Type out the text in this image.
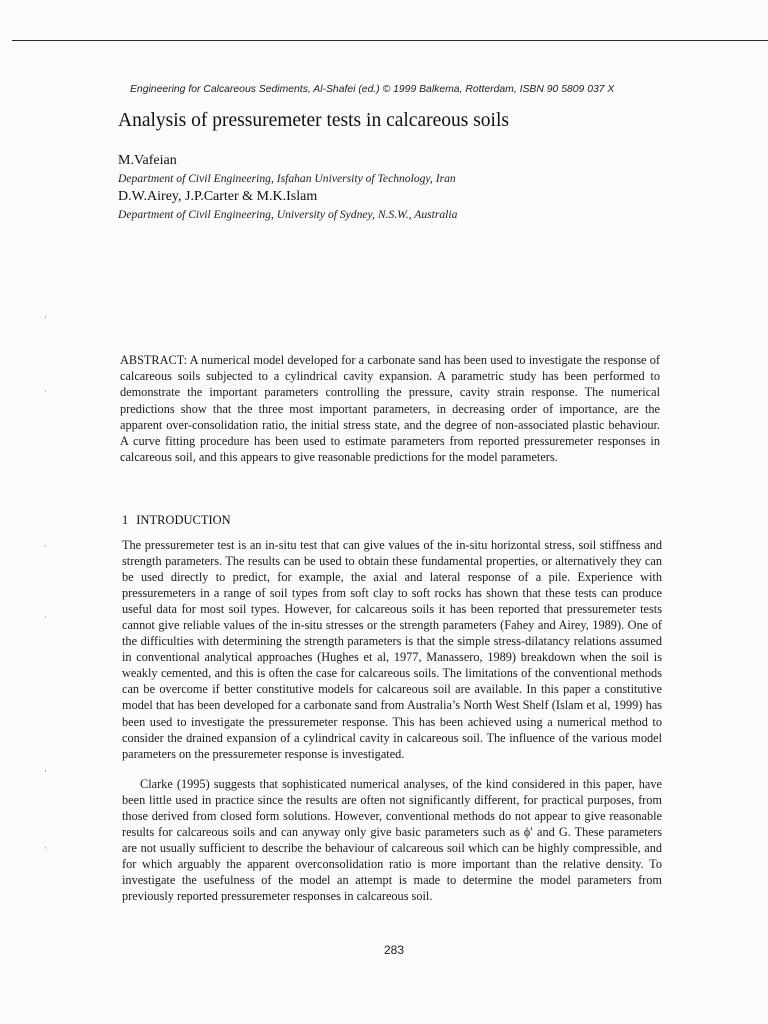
Engineering for Calcareous Sediments, Al-Shafei (ed.) © 1999 Balkema, Rotterdam, ISBN 90 5809 037 X
Analysis of pressuremeter tests in calcareous soils
M.Vafeian
Department of Civil Engineering, Isfahan University of Technology, Iran
D.W.Airey, J.P.Carter & M.K.Islam
Department of Civil Engineering, University of Sydney, N.S.W., Australia
ABSTRACT: A numerical model developed for a carbonate sand has been used to investigate the response of calcareous soils subjected to a cylindrical cavity expansion. A parametric study has been performed to demonstrate the important parameters controlling the pressure, cavity strain response. The numerical predictions show that the three most important parameters, in decreasing order of importance, are the apparent over-consolidation ratio, the initial stress state, and the degree of non-associated plastic behaviour. A curve fitting procedure has been used to estimate parameters from reported pressuremeter responses in calcareous soil, and this appears to give reasonable predictions for the model parameters.
1 INTRODUCTION
The pressuremeter test is an in-situ test that can give values of the in-situ horizontal stress, soil stiffness and strength parameters. The results can be used to obtain these fundamental properties, or alternatively they can be used directly to predict, for example, the axial and lateral response of a pile. Experience with pressuremeters in a range of soil types from soft clay to soft rocks has shown that these tests can produce useful data for most soil types. However, for calcareous soils it has been reported that pressuremeter tests cannot give reliable values of the in-situ stresses or the strength parameters (Fahey and Airey, 1989). One of the difficulties with determining the strength parameters is that the simple stress-dilatancy relations assumed in conventional analytical approaches (Hughes et al, 1977, Manassero, 1989) breakdown when the soil is weakly cemented, and this is often the case for calcareous soils. The limitations of the conventional methods can be overcome if better constitutive models for calcareous soil are available. In this paper a constitutive model that has been developed for a carbonate sand from Australia’s North West Shelf (Islam et al, 1999) has been used to investigate the pressuremeter response. This has been achieved using a numerical method to consider the drained expansion of a cylindrical cavity in calcareous soil. The influence of the various model parameters on the pressuremeter response is investigated.
Clarke (1995) suggests that sophisticated numerical analyses, of the kind considered in this paper, have been little used in practice since the results are often not significantly different, for practical purposes, from those derived from closed form solutions. However, conventional methods do not appear to give reasonable results for calcareous soils and can anyway only give basic parameters such as ϕ′ and G. These parameters are not usually sufficient to describe the behaviour of calcareous soil which can be highly compressible, and for which arguably the apparent overconsolidation ratio is more important than the relative density. To investigate the usefulness of the model an attempt is made to determine the model parameters from previously reported pressuremeter responses in calcareous soil.
283
·
·
·
·
·
·
